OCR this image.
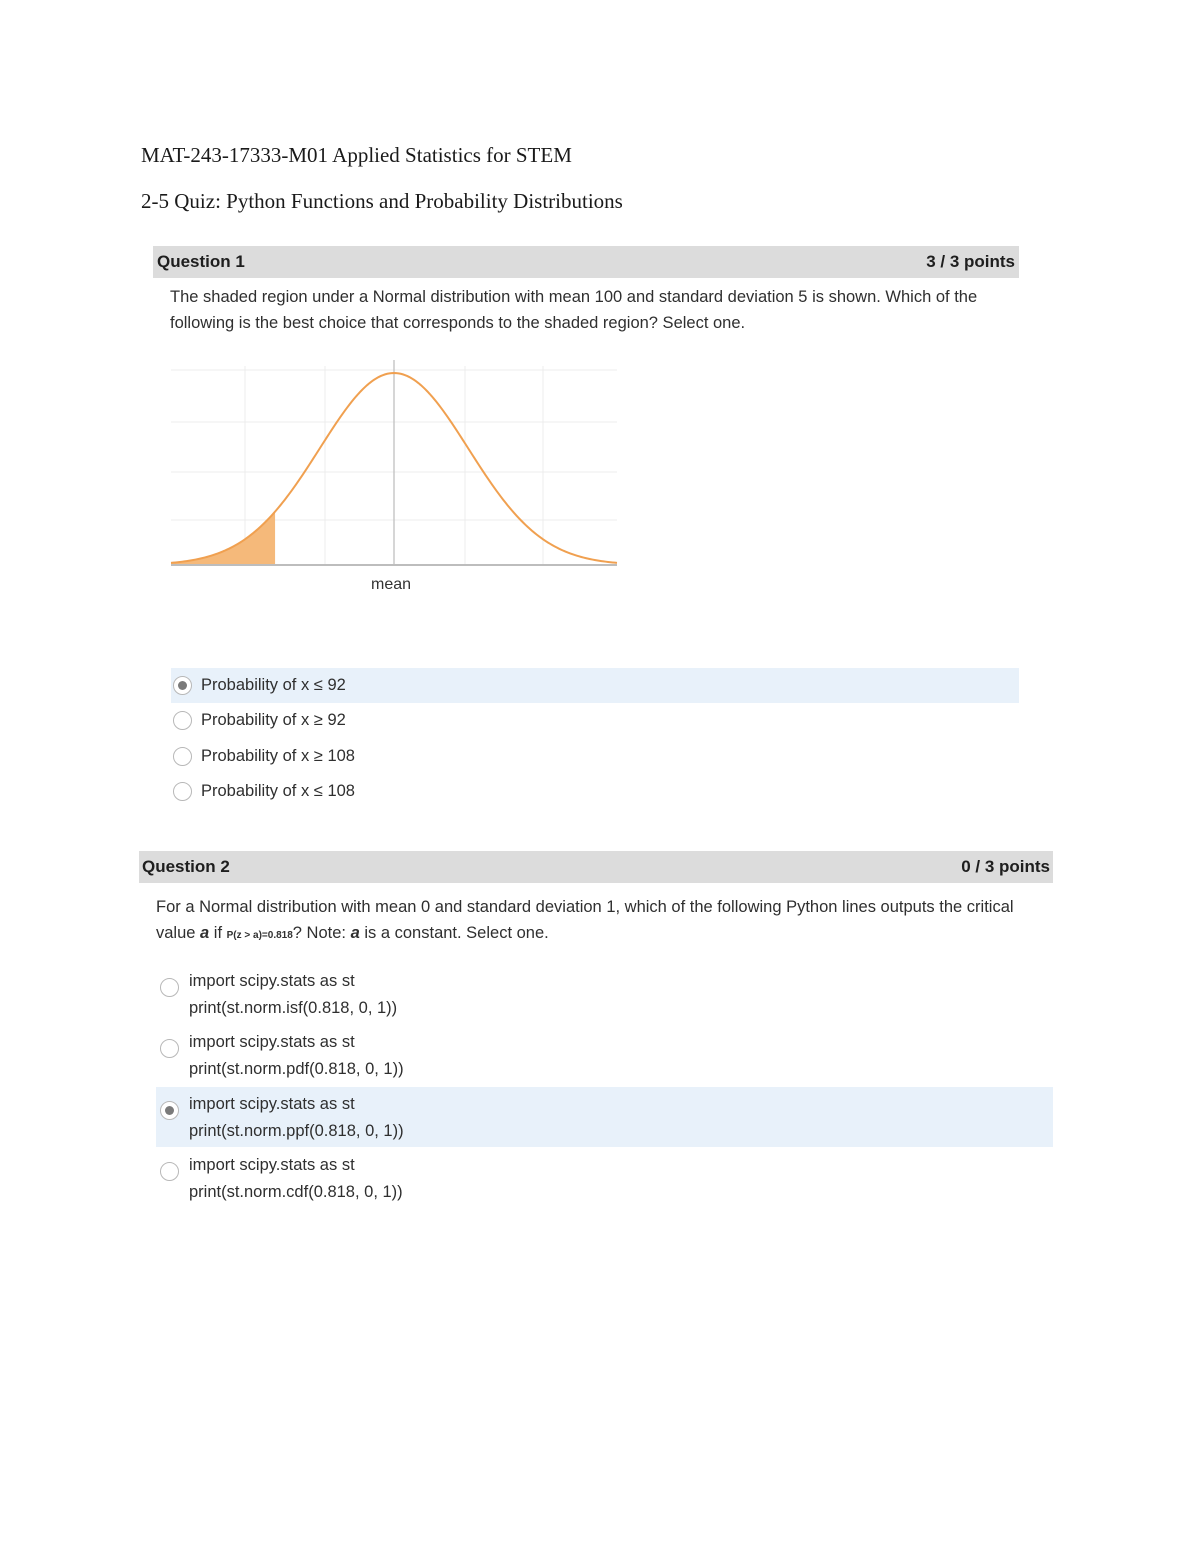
MAT-243-17333-M01 Applied Statistics for STEM
2-5 Quiz: Python Functions and Probability Distributions
Question 1	3 / 3 points
The shaded region under a Normal distribution with mean 100 and standard deviation 5 is shown. Which of the following is the best choice that corresponds to the shaded region? Select one.
mean
Probability of x ≤ 92
Probability of x ≥ 92
Probability of x ≥ 108
Probability of x ≤ 108
Question 2	0 / 3 points
For a Normal distribution with mean 0 and standard deviation 1, which of the following Python lines outputs the critical value a if P(z > a)=0.818? Note: a is a constant. Select one.
import scipy.stats as st
print(st.norm.isf(0.818, 0, 1))
import scipy.stats as st
print(st.norm.pdf(0.818, 0, 1))
import scipy.stats as st
print(st.norm.ppf(0.818, 0, 1))
import scipy.stats as st
print(st.norm.cdf(0.818, 0, 1))
